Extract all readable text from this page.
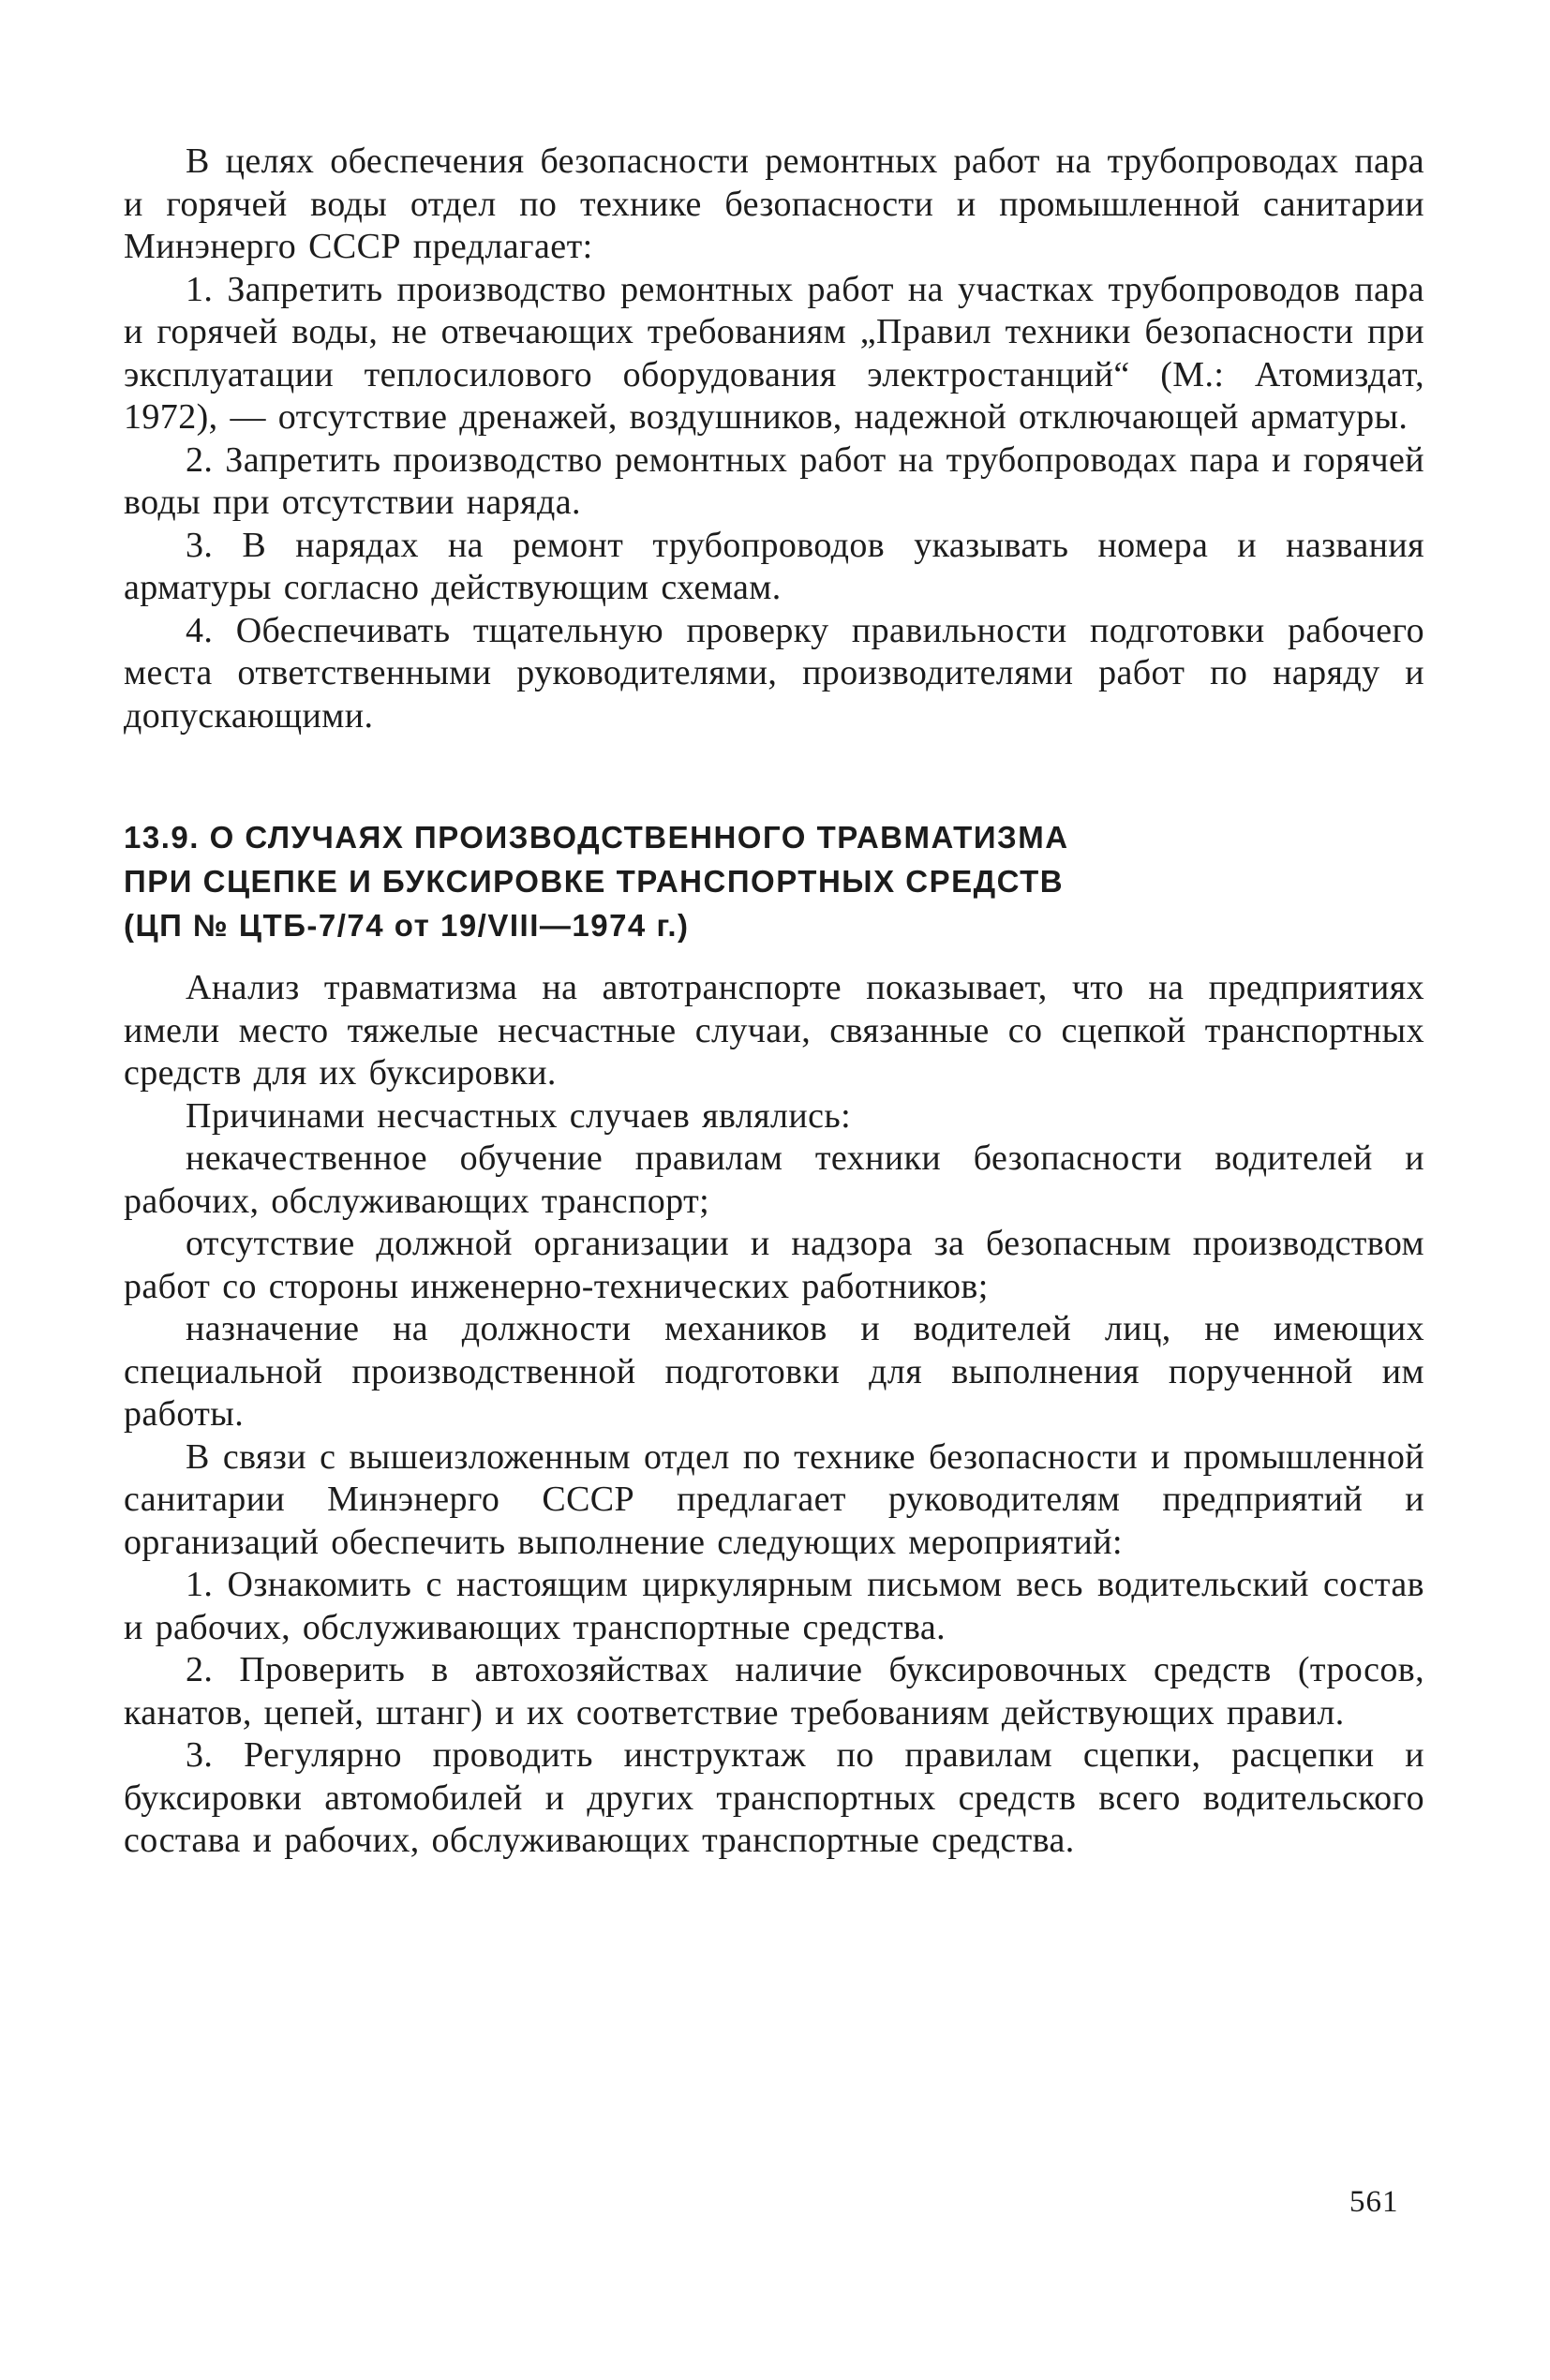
В целях обеспечения безопасности ремонтных работ на трубопроводах пара и горячей воды отдел по технике безопасности и промышленной санитарии Минэнерго СССР предлагает:

1. Запретить производство ремонтных работ на участках трубопроводов пара и горячей воды, не отвечающих требованиям „Правил техники безопасности при эксплуатации теплосилового оборудования электростанций“ (М.: Атомиздат, 1972), — отсутствие дренажей, воздушников, надежной отключающей арматуры.

2. Запретить производство ремонтных работ на трубопроводах пара и горячей воды при отсутствии наряда.

3. В нарядах на ремонт трубопроводов указывать номера и названия арматуры согласно действующим схемам.

4. Обеспечивать тщательную проверку правильности подготовки рабочего места ответственными руководителями, производителями работ по наряду и допускающими.

13.9. О СЛУЧАЯХ ПРОИЗВОДСТВЕННОГО ТРАВМАТИЗМА

ПРИ СЦЕПКЕ И БУКСИРОВКЕ ТРАНСПОРТНЫХ СРЕДСТВ

(ЦП № ЦТБ-7/74 от 19/VIII—1974 г.)

Анализ травматизма на автотранспорте показывает, что на предприятиях имели место тяжелые несчастные случаи, связанные со сцепкой транспортных средств для их буксировки.

Причинами несчастных случаев являлись:

некачественное обучение правилам техники безопасности водителей и рабочих, обслуживающих транспорт;

отсутствие должной организации и надзора за безопасным производством работ со стороны инженерно-технических работников;

назначение на должности механиков и водителей лиц, не имеющих специальной производственной подготовки для выполнения порученной им работы.

В связи с вышеизложенным отдел по технике безопасности и промышленной санитарии Минэнерго СССР предлагает руководителям предприятий и организаций обеспечить выполнение следующих мероприятий:

1. Ознакомить с настоящим циркулярным письмом весь водительский состав и рабочих, обслуживающих транспортные средства.

2. Проверить в автохозяйствах наличие буксировочных средств (тросов, канатов, цепей, штанг) и их соответствие требованиям действующих правил.

3. Регулярно проводить инструктаж по правилам сцепки, расцепки и буксировки автомобилей и других транспортных средств всего водительского состава и рабочих, обслуживающих транспортные средства.

561
